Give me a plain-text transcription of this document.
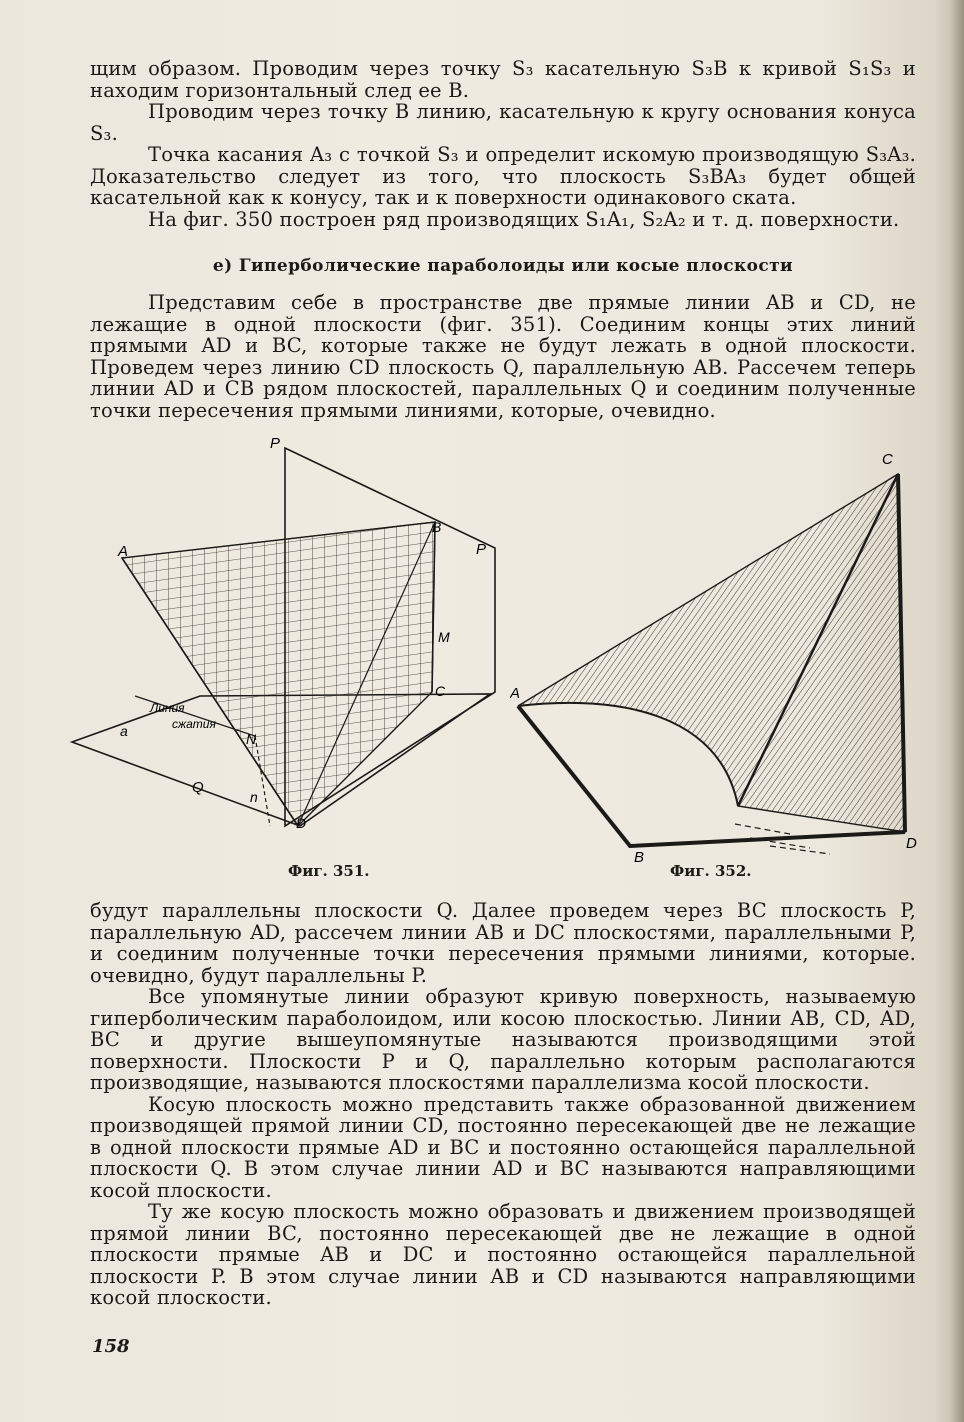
щим образом. Проводим через точку S₃ касательную S₃B к кривой S₁S₃ и находим горизонтальный след ее B.

Проводим через точку B линию, касательную к кругу основания конуса S₃.

Точка касания A₃ с точкой S₃ и определит искомую производящую S₃A₃. Доказательство следует из того, что плоскость S₃BA₃ будет общей касательной как к конусу, так и к поверхности одинакового ската.

На фиг. 350 построен ряд производящих S₁A₁, S₂A₂ и т. д. поверхности.

е) Гиперболические параболоиды или косые плоскости

Представим себе в пространстве две прямые линии AB и CD, не лежащие в одной плоскости (фиг. 351). Соединим концы этих линий прямыми AD и BC, которые также не будут лежать в одной плоскости. Проведем через линию CD плоскость Q, параллельную AB. Рассечем теперь линии AD и CB рядом плоскостей, параллельных Q и соединим полученные точки пересечения прямыми линиями, которые, очевидно.

P
P
A
B
M
C
N
n
D
Q
a
Линия
сжатия
A
C
B
D
Фиг. 351.	Фиг. 352.

будут параллельны плоскости Q. Далее проведем через BC плоскость P, параллельную AD, рассечем линии AB и DC плоскостями, параллельными P, и соединим полученные точки пересечения прямыми линиями, которые. очевидно, будут параллельны P.

Все упомянутые линии образуют кривую поверхность, называемую гиперболическим параболоидом, или косою плоскостью. Линии AB, CD, AD, BC и другие вышеупомянутые называются производящими этой поверхности. Плоскости P и Q, параллельно которым располагаются производящие, называются плоскостями параллелизма косой плоскости.

Косую плоскость можно представить также образованной движением производящей прямой линии CD, постоянно пересекающей две не лежащие в одной плоскости прямые AD и BC и постоянно остающейся параллельной плоскости Q. В этом случае линии AD и BC называются направляющими косой плоскости.

Ту же косую плоскость можно образовать и движением производящей прямой линии BC, постоянно пересекающей две не лежащие в одной плоскости прямые AB и DC и постоянно остающейся параллельной плоскости P. В этом случае линии AB и CD называются направляющими косой плоскости.

158
